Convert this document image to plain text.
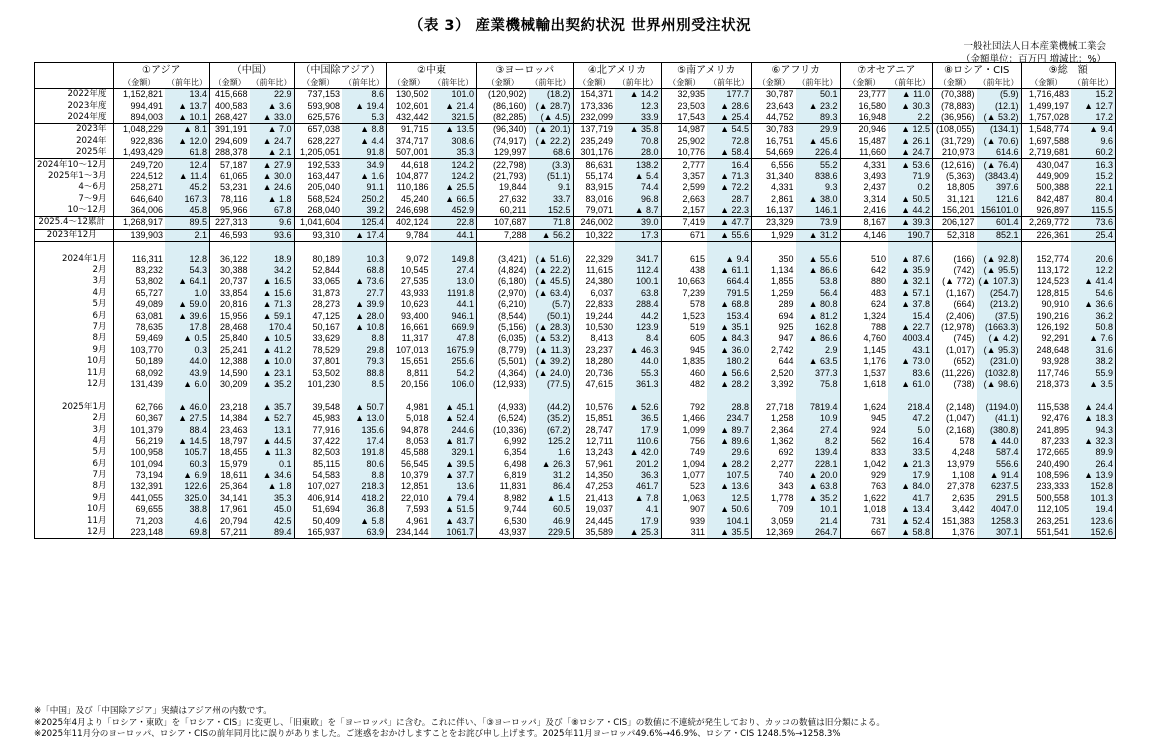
（表 3） 産業機械輸出契約状況 世界州別受注状況
一般社団法人日本産業機械工業会
（金額単位：百万円 増減比：%）
	①アジア		（中国）		（中国除アジア）		②中東		③ヨーロッパ		④北アメリカ		⑤南アメリカ		⑥アフリカ		⑦オセアニア		⑧ロシア・CIS		⑨総　額	
	（金額）	（前年比）	（金額）	（前年比）	（金額）	（前年比）	（金額）	（前年比）	（金額）	（前年比）	（金額）	（前年比）	（金額）	（前年比）	（金額）	（前年比）	（金額）	（前年比）	（金額）	（前年比）	（金額）	（前年比）
2022年度	1,152,821	13.4	415,668	22.9	737,153	8.6	130,502	101.0	(120,902)	(18.2)	154,371	▲ 14.2	32,935	177.7	30,787	50.1	23,777	▲ 11.0	(70,388)	(5.9)	1,716,483	15.2
2023年度	994,491	▲ 13.7	400,583	▲ 3.6	593,908	▲ 19.4	102,601	▲ 21.4	(86,160)	(▲ 28.7)	173,336	12.3	23,503	▲ 28.6	23,643	▲ 23.2	16,580	▲ 30.3	(78,883)	(12.1)	1,499,197	▲ 12.7
2024年度	894,003	▲ 10.1	268,427	▲ 33.0	625,576	5.3	432,442	321.5	(82,285)	(▲ 4.5)	232,099	33.9	17,543	▲ 25.4	44,752	89.3	16,948	2.2	(36,956)	(▲ 53.2)	1,757,028	17.2
2023年	1,048,229	▲ 8.1	391,191	▲ 7.0	657,038	▲ 8.8	91,715	▲ 13.5	(96,340)	(▲ 20.1)	137,719	▲ 35.8	14,987	▲ 54.5	30,783	29.9	20,946	▲ 12.5	(108,055)	(134.1)	1,548,774	▲ 9.4
2024年	922,836	▲ 12.0	294,609	▲ 24.7	628,227	▲ 4.4	374,717	308.6	(74,917)	(▲ 22.2)	235,249	70.8	25,902	72.8	16,751	▲ 45.6	15,487	▲ 26.1	(31,729)	(▲ 70.6)	1,697,588	9.6
2025年	1,493,429	61.8	288,378	▲ 2.1	1,205,051	91.8	507,001	35.3	129,997	68.6	301,176	28.0	10,776	▲ 58.4	54,669	226.4	11,660	▲ 24.7	210,973	614.6	2,719,681	60.2
2024年10～12月	249,720	12.4	57,187	▲ 27.9	192,533	34.9	44,618	124.2	(22,798)	(3.3)	86,631	138.2	2,777	16.4	6,556	55.2	4,331	▲ 53.6	(12,616)	(▲ 76.4)	430,047	16.3
2025年1～3月	224,512	▲ 11.4	61,065	▲ 30.0	163,447	▲ 1.6	104,877	124.2	(21,793)	(51.1)	55,174	▲ 5.4	3,357	▲ 71.3	31,340	838.6	3,493	71.9	(5,363)	(3843.4)	449,909	15.2
4～6月	258,271	45.2	53,231	▲ 24.6	205,040	91.1	110,186	▲ 25.5	19,844	9.1	83,915	74.4	2,599	▲ 72.2	4,331	9.3	2,437	0.2	18,805	397.6	500,388	22.1
7～9月	646,640	167.3	78,116	▲ 1.8	568,524	250.2	45,240	▲ 66.5	27,632	33.7	83,016	96.8	2,663	28.7	2,861	▲ 38.0	3,314	▲ 50.5	31,121	121.6	842,487	80.4
10～12月	364,006	45.8	95,966	67.8	268,040	39.2	246,698	452.9	60,211	152.5	79,071	▲ 8.7	2,157	▲ 22.3	16,137	146.1	2,416	▲ 44.2	156,201	156101.0	926,897	115.5
2025.4～12累計	1,268,917	89.5	227,313	9.6	1,041,604	125.4	402,124	22.8	107,687	71.8	246,002	39.0	7,419	▲ 47.7	23,329	73.9	8,167	▲ 39.3	206,127	601.4	2,269,772	73.6
2023年12月	139,903	2.1	46,593	93.6	93,310	▲ 17.4	9,784	44.1	7,288	▲ 56.2	10,322	17.3	671	▲ 55.6	1,929	▲ 31.2	4,146	190.7	52,318	852.1	226,361	25.4

2024年1月	116,311	12.8	36,122	18.9	80,189	10.3	9,072	149.8	(3,421)	(▲ 51.6)	22,329	341.7	615	▲ 9.4	350	▲ 55.6	510	▲ 87.6	(166)	(▲ 92.8)	152,774	20.6
2月	83,232	54.3	30,388	34.2	52,844	68.8	10,545	27.4	(4,824)	(▲ 22.2)	11,615	112.4	438	▲ 61.1	1,134	▲ 86.6	642	▲ 35.9	(742)	(▲ 95.5)	113,172	12.2
3月	53,802	▲ 64.1	20,737	▲ 16.5	33,065	▲ 73.6	27,535	13.0	(6,180)	(▲ 45.5)	24,380	100.1	10,663	664.4	1,855	53.8	880	▲ 32.1	(▲ 772)	(▲ 107.3)	124,523	▲ 41.4
4月	65,727	1.0	33,854	▲ 15.6	31,873	27.7	43,933	1191.8	(2,970)	(▲ 63.4)	6,037	63.8	7,239	791.5	1,259	56.4	483	▲ 57.1	(1,167)	(254.7)	128,815	54.6
5月	49,089	▲ 59.0	20,816	▲ 71.3	28,273	▲ 39.9	10,623	44.1	(6,210)	(5.7)	22,833	288.4	578	▲ 68.8	289	▲ 80.8	624	▲ 37.8	(664)	(213.2)	90,910	▲ 36.6
6月	63,081	▲ 39.6	15,956	▲ 59.1	47,125	▲ 28.0	93,400	946.1	(8,544)	(50.1)	19,244	44.2	1,523	153.4	694	▲ 81.2	1,324	15.4	(2,406)	(37.5)	190,216	36.2
7月	78,635	17.8	28,468	170.4	50,167	▲ 10.8	16,661	669.9	(5,156)	(▲ 28.3)	10,530	123.9	519	▲ 35.1	925	162.8	788	▲ 22.7	(12,978)	(1663.3)	126,192	50.8
8月	59,469	▲ 0.5	25,840	▲ 10.5	33,629	8.8	11,317	47.8	(6,035)	(▲ 53.2)	8,413	8.4	605	▲ 84.3	947	▲ 86.6	4,760	4003.4	(745)	(▲ 4.2)	92,291	▲ 7.6
9月	103,770	0.3	25,241	▲ 41.2	78,529	29.8	107,013	1675.9	(8,779)	(▲ 11.3)	23,237	▲ 46.3	945	▲ 36.0	2,742	2.9	1,145	43.1	(1,017)	(▲ 95.3)	248,648	31.6
10月	50,189	44.0	12,388	▲ 10.0	37,801	79.3	15,651	255.6	(5,501)	(▲ 39.2)	18,280	44.0	1,835	180.2	644	▲ 63.5	1,176	▲ 73.0	(652)	(231.0)	93,928	38.2
11月	68,092	43.9	14,590	▲ 23.1	53,502	88.8	8,811	54.2	(4,364)	(▲ 24.0)	20,736	55.3	460	▲ 56.6	2,520	377.3	1,537	83.6	(11,226)	(1032.8)	117,746	55.9
12月	131,439	▲ 6.0	30,209	▲ 35.2	101,230	8.5	20,156	106.0	(12,933)	(77.5)	47,615	361.3	482	▲ 28.2	3,392	75.8	1,618	▲ 61.0	(738)	(▲ 98.6)	218,373	▲ 3.5

2025年1月	62,766	▲ 46.0	23,218	▲ 35.7	39,548	▲ 50.7	4,981	▲ 45.1	(4,933)	(44.2)	10,576	▲ 52.6	792	28.8	27,718	7819.4	1,624	218.4	(2,148)	(1194.0)	115,538	▲ 24.4
2月	60,367	▲ 27.5	14,384	▲ 52.7	45,983	▲ 13.0	5,018	▲ 52.4	(6,524)	(35.2)	15,851	36.5	1,466	234.7	1,258	10.9	945	47.2	(1,047)	(41.1)	92,476	▲ 18.3
3月	101,379	88.4	23,463	13.1	77,916	135.6	94,878	244.6	(10,336)	(67.2)	28,747	17.9	1,099	▲ 89.7	2,364	27.4	924	5.0	(2,168)	(380.8)	241,895	94.3
4月	56,219	▲ 14.5	18,797	▲ 44.5	37,422	17.4	8,053	▲ 81.7	6,992	125.2	12,711	110.6	756	▲ 89.6	1,362	8.2	562	16.4	578	▲ 44.0	87,233	▲ 32.3
5月	100,958	105.7	18,455	▲ 11.3	82,503	191.8	45,588	329.1	6,354	1.6	13,243	▲ 42.0	749	29.6	692	139.4	833	33.5	4,248	587.4	172,665	89.9
6月	101,094	60.3	15,979	0.1	85,115	80.6	56,545	▲ 39.5	6,498	▲ 26.3	57,961	201.2	1,094	▲ 28.2	2,277	228.1	1,042	▲ 21.3	13,979	556.6	240,490	26.4
7月	73,194	▲ 6.9	18,611	▲ 34.6	54,583	8.8	10,379	▲ 37.7	6,819	31.2	14,350	36.3	1,077	107.5	740	▲ 20.0	929	17.9	1,108	▲ 91.4	108,596	▲ 13.9
8月	132,391	122.6	25,364	▲ 1.8	107,027	218.3	12,851	13.6	11,831	86.4	47,253	461.7	523	▲ 13.6	343	▲ 63.8	763	▲ 84.0	27,378	6237.5	233,333	152.8
9月	441,055	325.0	34,141	35.3	406,914	418.2	22,010	▲ 79.4	8,982	▲ 1.5	21,413	▲ 7.8	1,063	12.5	1,778	▲ 35.2	1,622	41.7	2,635	291.5	500,558	101.3
10月	69,655	38.8	17,961	45.0	51,694	36.8	7,593	▲ 51.5	9,744	60.5	19,037	4.1	907	▲ 50.6	709	10.1	1,018	▲ 13.4	3,442	4047.0	112,105	19.4
11月	71,203	4.6	20,794	42.5	50,409	▲ 5.8	4,961	▲ 43.7	6,530	46.9	24,445	17.9	939	104.1	3,059	21.4	731	▲ 52.4	151,383	1258.3	263,251	123.6
12月	223,148	69.8	57,211	89.4	165,937	63.9	234,144	1061.7	43,937	229.5	35,589	▲ 25.3	311	▲ 35.5	12,369	264.7	667	▲ 58.8	1,376	307.1	551,541	152.6
※「中国」及び「中国除アジア」実績はアジア州の内数です。
※2025年4月より「ロシア・東欧」を「ロシア・CIS」に変更し、「旧東欧」を「ヨーロッパ」に含む。これに伴い、「③ヨーロッパ」及び「⑧ロシア・CIS」の数値に不連続が発生しており、カッコの数値は旧分類による。
※2025年11月分のヨーロッパ、ロシア・CISの前年同月比に誤りがありました。ご迷惑をおかけしますことをお詫び申し上げます。2025年11月ヨーロッパ49.6%→46.9%、ロシア・CIS 1248.5%→1258.3%
